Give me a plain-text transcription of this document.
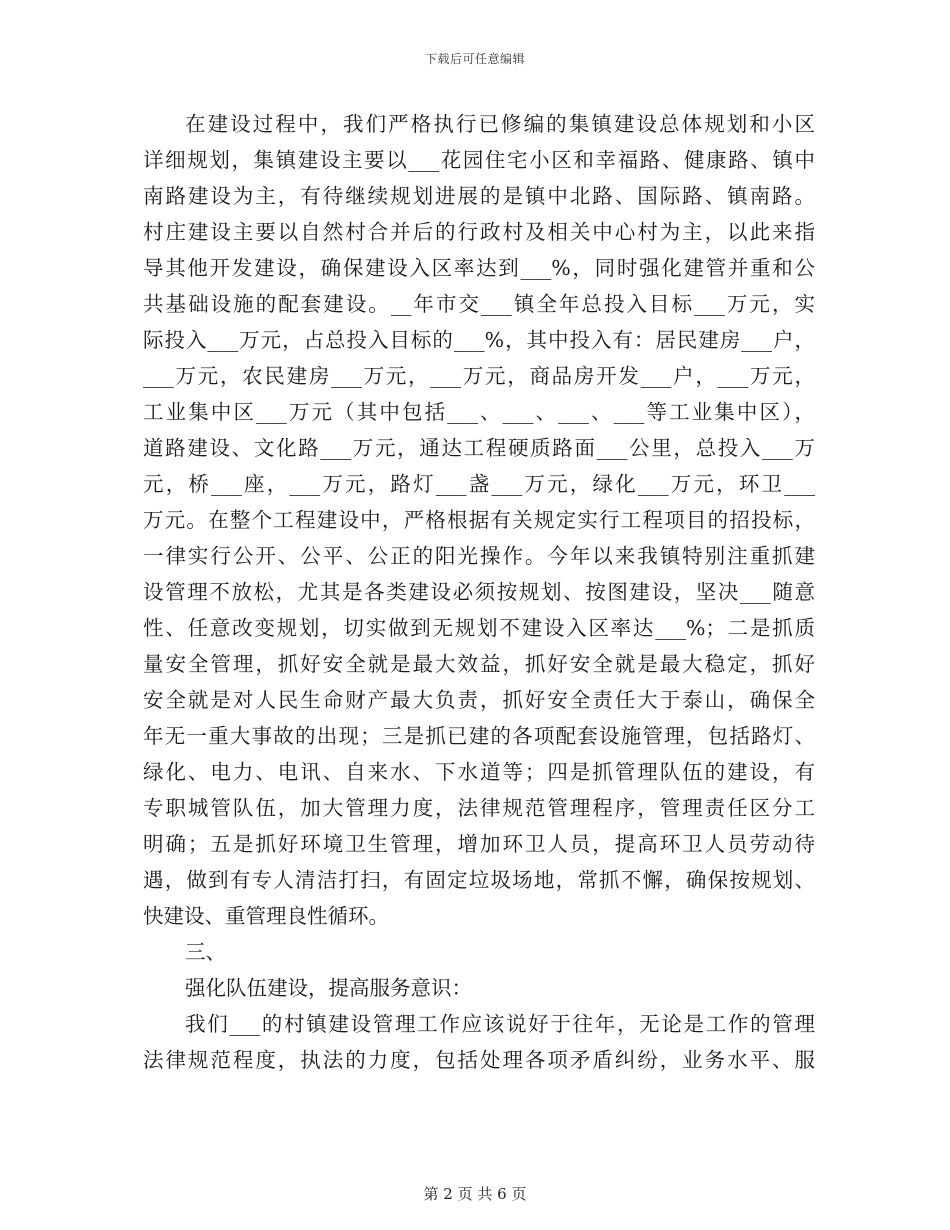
下载后可任意编辑
在建设过程中，我们严格执行已修编的集镇建设总体规划和小区
详细规划，集镇建设主要以___花园住宅小区和幸福路、健康路、镇中
南路建设为主，有待继续规划进展的是镇中北路、国际路、镇南路。
村庄建设主要以自然村合并后的行政村及相关中心村为主，以此来指
导其他开发建设，确保建设入区率达到___%，同时强化建管并重和公
共基础设施的配套建设。__年市交___镇全年总投入目标___万元，实
际投入___万元，占总投入目标的___%，其中投入有：居民建房___户，
___万元，农民建房___万元，___万元，商品房开发___户，___万元，
工业集中区___万元（其中包括___、___、___、___等工业集中区），
道路建设、文化路___万元，通达工程硬质路面___公里，总投入___万
元，桥___座，___万元，路灯___盏___万元，绿化___万元，环卫___
万元。在整个工程建设中，严格根据有关规定实行工程项目的招投标，
一律实行公开、公平、公正的阳光操作。今年以来我镇特别注重抓建
设管理不放松，尤其是各类建设必须按规划、按图建设，坚决___随意
性、任意改变规划，切实做到无规划不建设入区率达___%；二是抓质
量安全管理，抓好安全就是最大效益，抓好安全就是最大稳定，抓好
安全就是对人民生命财产最大负责，抓好安全责任大于泰山，确保全
年无一重大事故的出现；三是抓已建的各项配套设施管理，包括路灯、
绿化、电力、电讯、自来水、下水道等；四是抓管理队伍的建设，有
专职城管队伍，加大管理力度，法律规范管理程序，管理责任区分工
明确；五是抓好环境卫生管理，增加环卫人员，提高环卫人员劳动待
遇，做到有专人清洁打扫，有固定垃圾场地，常抓不懈，确保按规划、
快建设、重管理良性循环。
三、
强化队伍建设，提高服务意识：
我们___的村镇建设管理工作应该说好于往年，无论是工作的管理
法律规范程度，执法的力度，包括处理各项矛盾纠纷，业务水平、服
第 2 页 共 6 页
